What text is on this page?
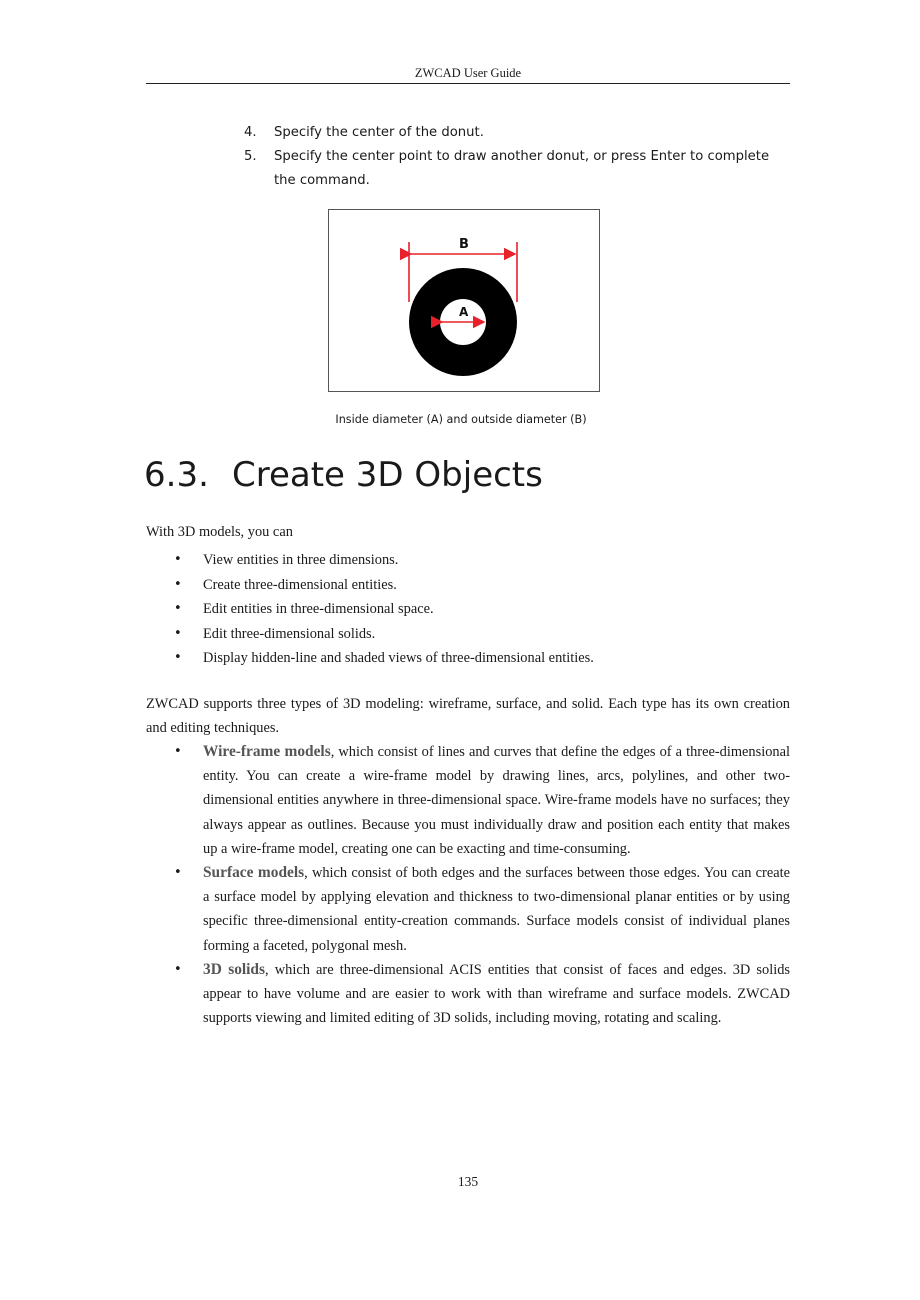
ZWCAD User Guide
4.	Specify the center of the donut.
5.	Specify the center point to draw another donut, or press Enter to complete the command.
B
A
Inside diameter (A) and outside diameter (B)
6.3. Create 3D Objects
With 3D models, you can
• View entities in three dimensions.
• Create three-dimensional entities.
• Edit entities in three-dimensional space.
• Edit three-dimensional solids.
• Display hidden-line and shaded views of three-dimensional entities.

ZWCAD supports three types of 3D modeling: wireframe, surface, and solid. Each type has its own creation and editing techniques.

• Wire-frame models, which consist of lines and curves that define the edges of a three-dimensional entity. You can create a wire-frame model by drawing lines, arcs, polylines, and other two-dimensional entities anywhere in three-dimensional space. Wire-frame models have no surfaces; they always appear as outlines. Because you must individually draw and position each entity that makes up a wire-frame model, creating one can be exacting and time-consuming.
• Surface models, which consist of both edges and the surfaces between those edges. You can create a surface model by applying elevation and thickness to two-dimensional planar entities or by using specific three-dimensional entity-creation commands. Surface models consist of individual planes forming a faceted, polygonal mesh.
• 3D solids, which are three-dimensional ACIS entities that consist of faces and edges. 3D solids appear to have volume and are easier to work with than wireframe and surface models. ZWCAD supports viewing and limited editing of 3D solids, including moving, rotating and scaling.
135
